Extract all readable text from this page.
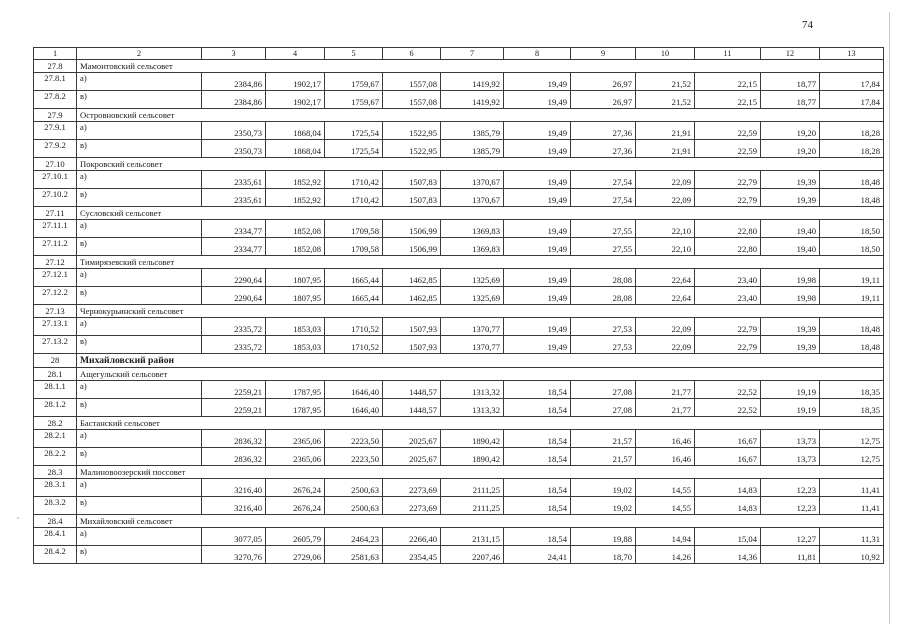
74
1	2	3	4	5	6	7	8	9	10	11	12	13
27.8	Мамонтовский сельсовет											
27.8.1	а)	2384,86	1902,17	1759,67	1557,08	1419,92	19,49	26,97	21,52	22,15	18,77	17,84
27.8.2	в)	2384,86	1902,17	1759,67	1557,08	1419,92	19,49	26,97	21,52	22,15	18,77	17,84
27.9	Островновский сельсовет											
27.9.1	а)	2350,73	1868,04	1725,54	1522,95	1385,79	19,49	27,36	21,91	22,59	19,20	18,28
27.9.2	в)	2350,73	1868,04	1725,54	1522,95	1385,79	19,49	27,36	21,91	22,59	19,20	18,28
27.10	Покровский сельсовет											
27.10.1	а)	2335,61	1852,92	1710,42	1507,83	1370,67	19,49	27,54	22,09	22,79	19,39	18,48
27.10.2	в)	2335,61	1852,92	1710,42	1507,83	1370,67	19,49	27,54	22,09	22,79	19,39	18,48
27.11	Сусловский сельсовет											
27.11.1	а)	2334,77	1852,08	1709,58	1506,99	1369,83	19,49	27,55	22,10	22,80	19,40	18,50
27.11.2	в)	2334,77	1852,08	1709,58	1506,99	1369,83	19,49	27,55	22,10	22,80	19,40	18,50
27.12	Тимирязевский сельсовет											
27.12.1	а)	2290,64	1807,95	1665,44	1462,85	1325,69	19,49	28,08	22,64	23,40	19,98	19,11
27.12.2	в)	2290,64	1807,95	1665,44	1462,85	1325,69	19,49	28,08	22,64	23,40	19,98	19,11
27.13	Чернокурьинский сельсовет											
27.13.1	а)	2335,72	1853,03	1710,52	1507,93	1370,77	19,49	27,53	22,09	22,79	19,39	18,48
27.13.2	в)	2335,72	1853,03	1710,52	1507,93	1370,77	19,49	27,53	22,09	22,79	19,39	18,48
28	Михайловский район											
28.1	Ащегульский сельсовет											
28.1.1	а)	2259,21	1787,95	1646,40	1448,57	1313,32	18,54	27,08	21,77	22,52	19,19	18,35
28.1.2	в)	2259,21	1787,95	1646,40	1448,57	1313,32	18,54	27,08	21,77	22,52	19,19	18,35
28.2	Бастанский сельсовет											
28.2.1	а)	2836,32	2365,06	2223,50	2025,67	1890,42	18,54	21,57	16,46	16,67	13,73	12,75
28.2.2	в)	2836,32	2365,06	2223,50	2025,67	1890,42	18,54	21,57	16,46	16,67	13,73	12,75
28.3	Малиновоозерский поссовет											
28.3.1	а)	3216,40	2676,24	2500,63	2273,69	2111,25	18,54	19,02	14,55	14,83	12,23	11,41
28.3.2	в)	3216,40	2676,24	2500,63	2273,69	2111,25	18,54	19,02	14,55	14,83	12,23	11,41
28.4	Михайловский сельсовет											
28.4.1	а)	3077,05	2605,79	2464,23	2266,40	2131,15	18,54	19,88	14,94	15,04	12,27	11,31
28.4.2	в)	3270,76	2729,06	2581,63	2354,45	2207,46	24,41	18,70	14,26	14,36	11,81	10,92
